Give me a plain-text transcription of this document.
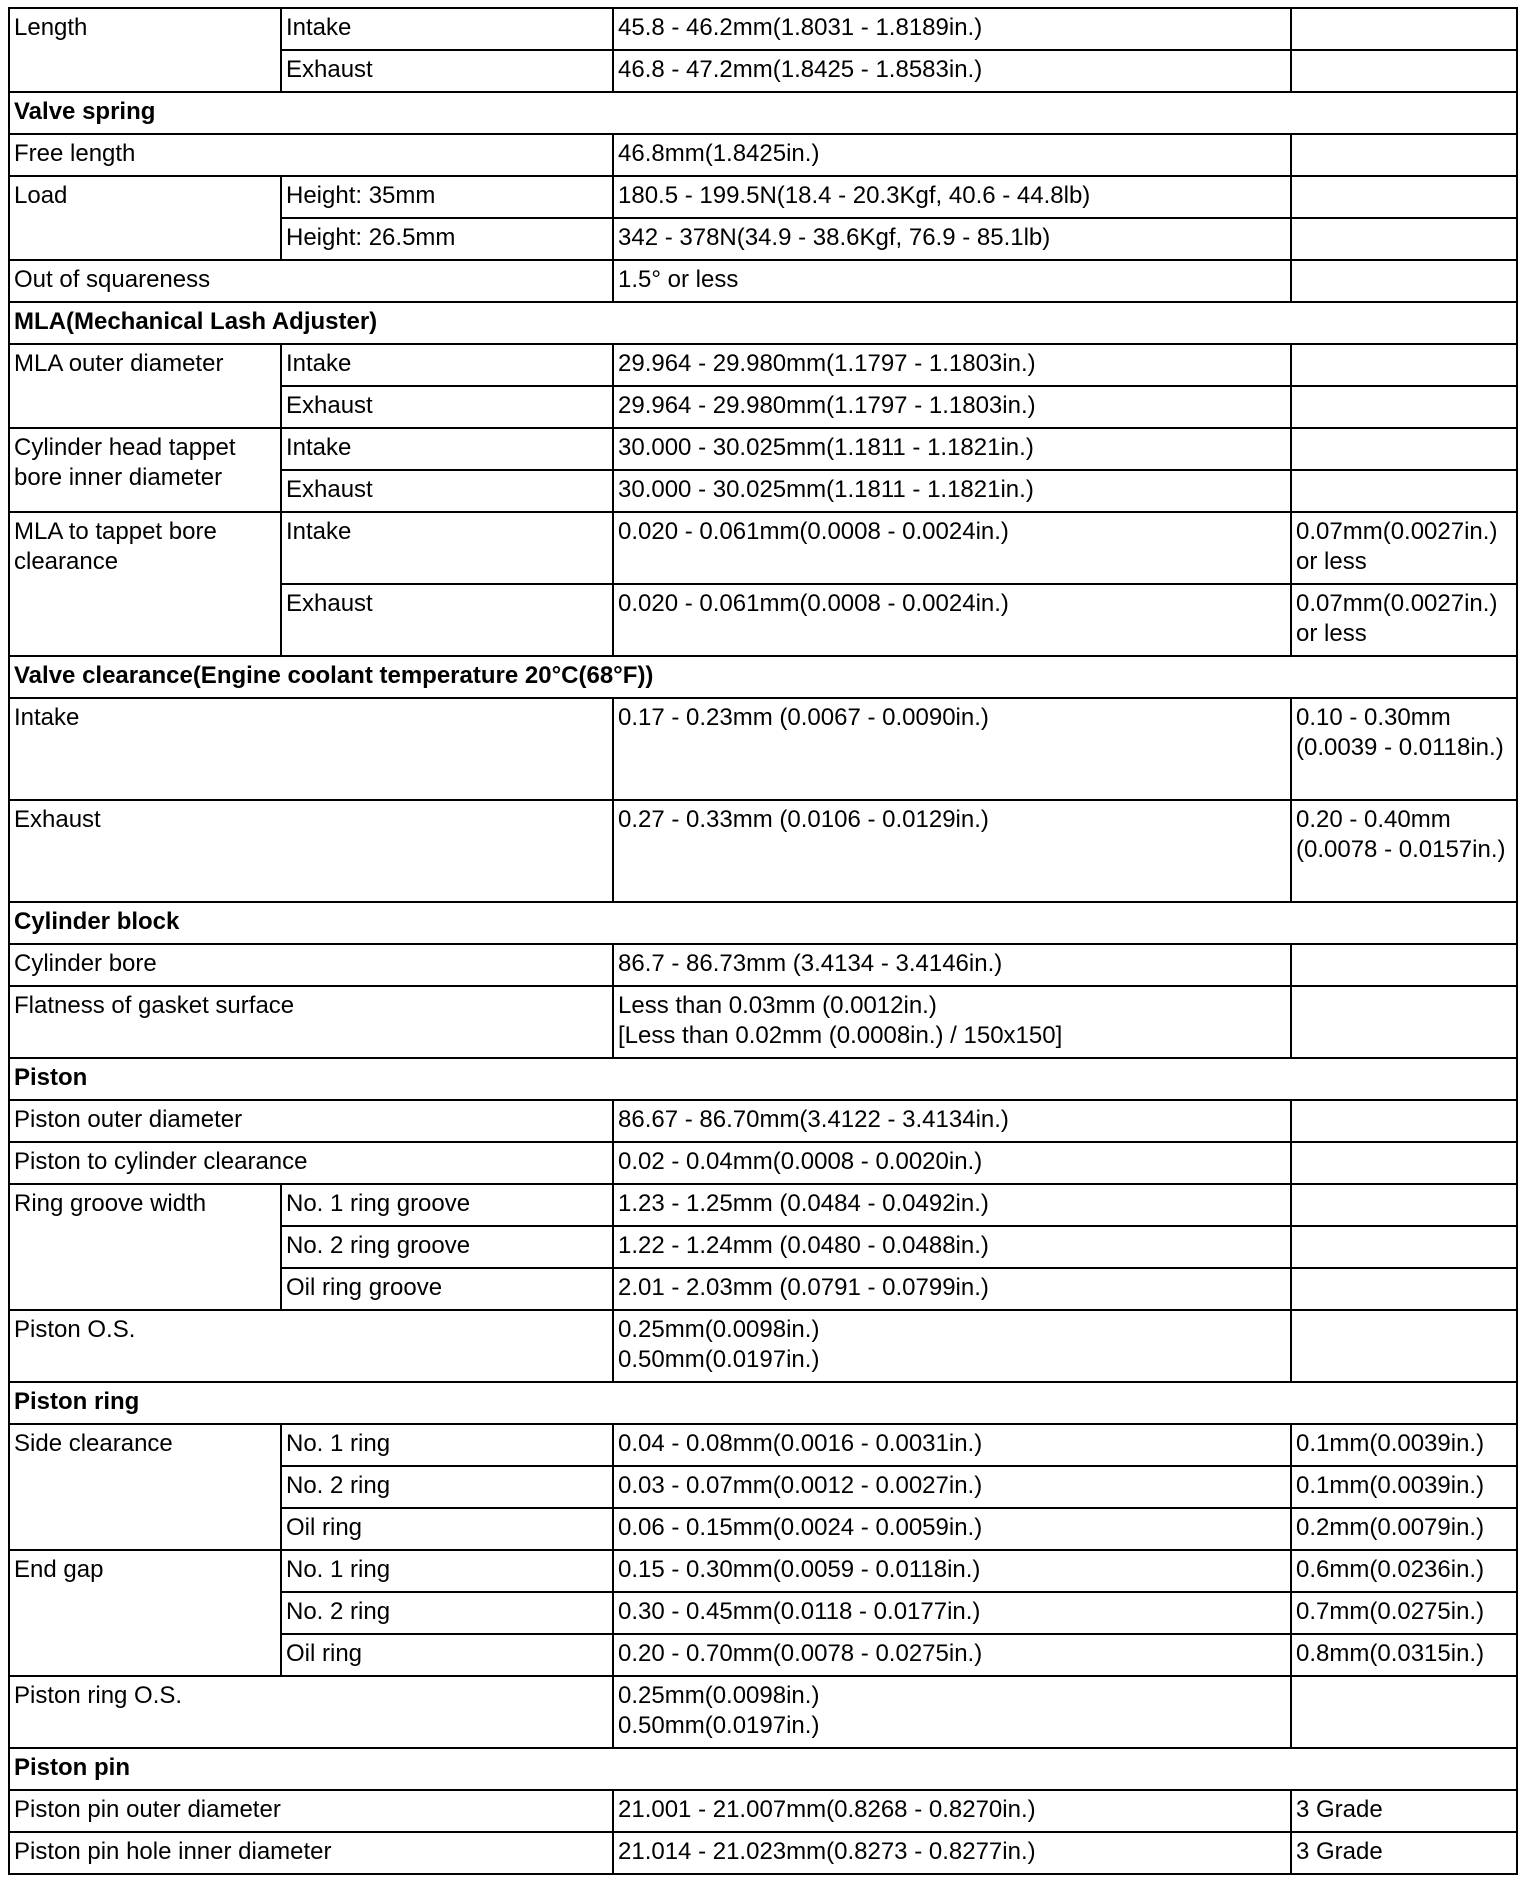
Length	Intake	45.8 - 46.2mm(1.8031 - 1.8189in.)	
	Exhaust	46.8 - 47.2mm(1.8425 - 1.8583in.)	
Valve spring			
Free length		46.8mm(1.8425in.)	
Load	Height: 35mm	180.5 - 199.5N(18.4 - 20.3Kgf, 40.6 - 44.8lb)	
	Height: 26.5mm	342 - 378N(34.9 - 38.6Kgf, 76.9 - 85.1lb)	
Out of squareness		1.5° or less	
MLA(Mechanical Lash Adjuster)			
MLA outer diameter	Intake	29.964 - 29.980mm(1.1797 - 1.1803in.)	
	Exhaust	29.964 - 29.980mm(1.1797 - 1.1803in.)	
Cylinder head tappet bore inner diameter	Intake	30.000 - 30.025mm(1.1811 - 1.1821in.)	
	Exhaust	30.000 - 30.025mm(1.1811 - 1.1821in.)	
MLA to tappet bore clearance	Intake	0.020 - 0.061mm(0.0008 - 0.0024in.)	0.07mm(0.0027in.) or less
	Exhaust	0.020 - 0.061mm(0.0008 - 0.0024in.)	0.07mm(0.0027in.) or less
Valve clearance(Engine coolant temperature 20°C(68°F))			
Intake		0.17 - 0.23mm (0.0067 - 0.0090in.)	0.10 - 0.30mm (0.0039 - 0.0118in.)
Exhaust		0.27 - 0.33mm (0.0106 - 0.0129in.)	0.20 - 0.40mm (0.0078 - 0.0157in.)
Cylinder block			
Cylinder bore		86.7 - 86.73mm (3.4134 - 3.4146in.)	
Flatness of gasket surface		Less than 0.03mm (0.0012in.)
[Less than 0.02mm (0.0008in.) / 150x150]	

Piston			
Piston outer diameter		86.67 - 86.70mm(3.4122 - 3.4134in.)	
Piston to cylinder clearance		0.02 - 0.04mm(0.0008 - 0.0020in.)	
Ring groove width	No. 1 ring groove	1.23 - 1.25mm (0.0484 - 0.0492in.)	
	No. 2 ring groove	1.22 - 1.24mm (0.0480 - 0.0488in.)	
	Oil ring groove	2.01 - 2.03mm (0.0791 - 0.0799in.)	
Piston O.S.		0.25mm(0.0098in.)
0.50mm(0.0197in.)	

Piston ring			
Side clearance	No. 1 ring	0.04 - 0.08mm(0.0016 - 0.0031in.)	0.1mm(0.0039in.)
	No. 2 ring	0.03 - 0.07mm(0.0012 - 0.0027in.)	0.1mm(0.0039in.)
	Oil ring	0.06 - 0.15mm(0.0024 - 0.0059in.)	0.2mm(0.0079in.)
End gap	No. 1 ring	0.15 - 0.30mm(0.0059 - 0.0118in.)	0.6mm(0.0236in.)
	No. 2 ring	0.30 - 0.45mm(0.0118 - 0.0177in.)	0.7mm(0.0275in.)
	Oil ring	0.20 - 0.70mm(0.0078 - 0.0275in.)	0.8mm(0.0315in.)
Piston ring O.S.		0.25mm(0.0098in.)
0.50mm(0.0197in.)	

Piston pin			
Piston pin outer diameter		21.001 - 21.007mm(0.8268 - 0.8270in.)	3 Grade
Piston pin hole inner diameter		21.014 - 21.023mm(0.8273 - 0.8277in.)	3 Grade
